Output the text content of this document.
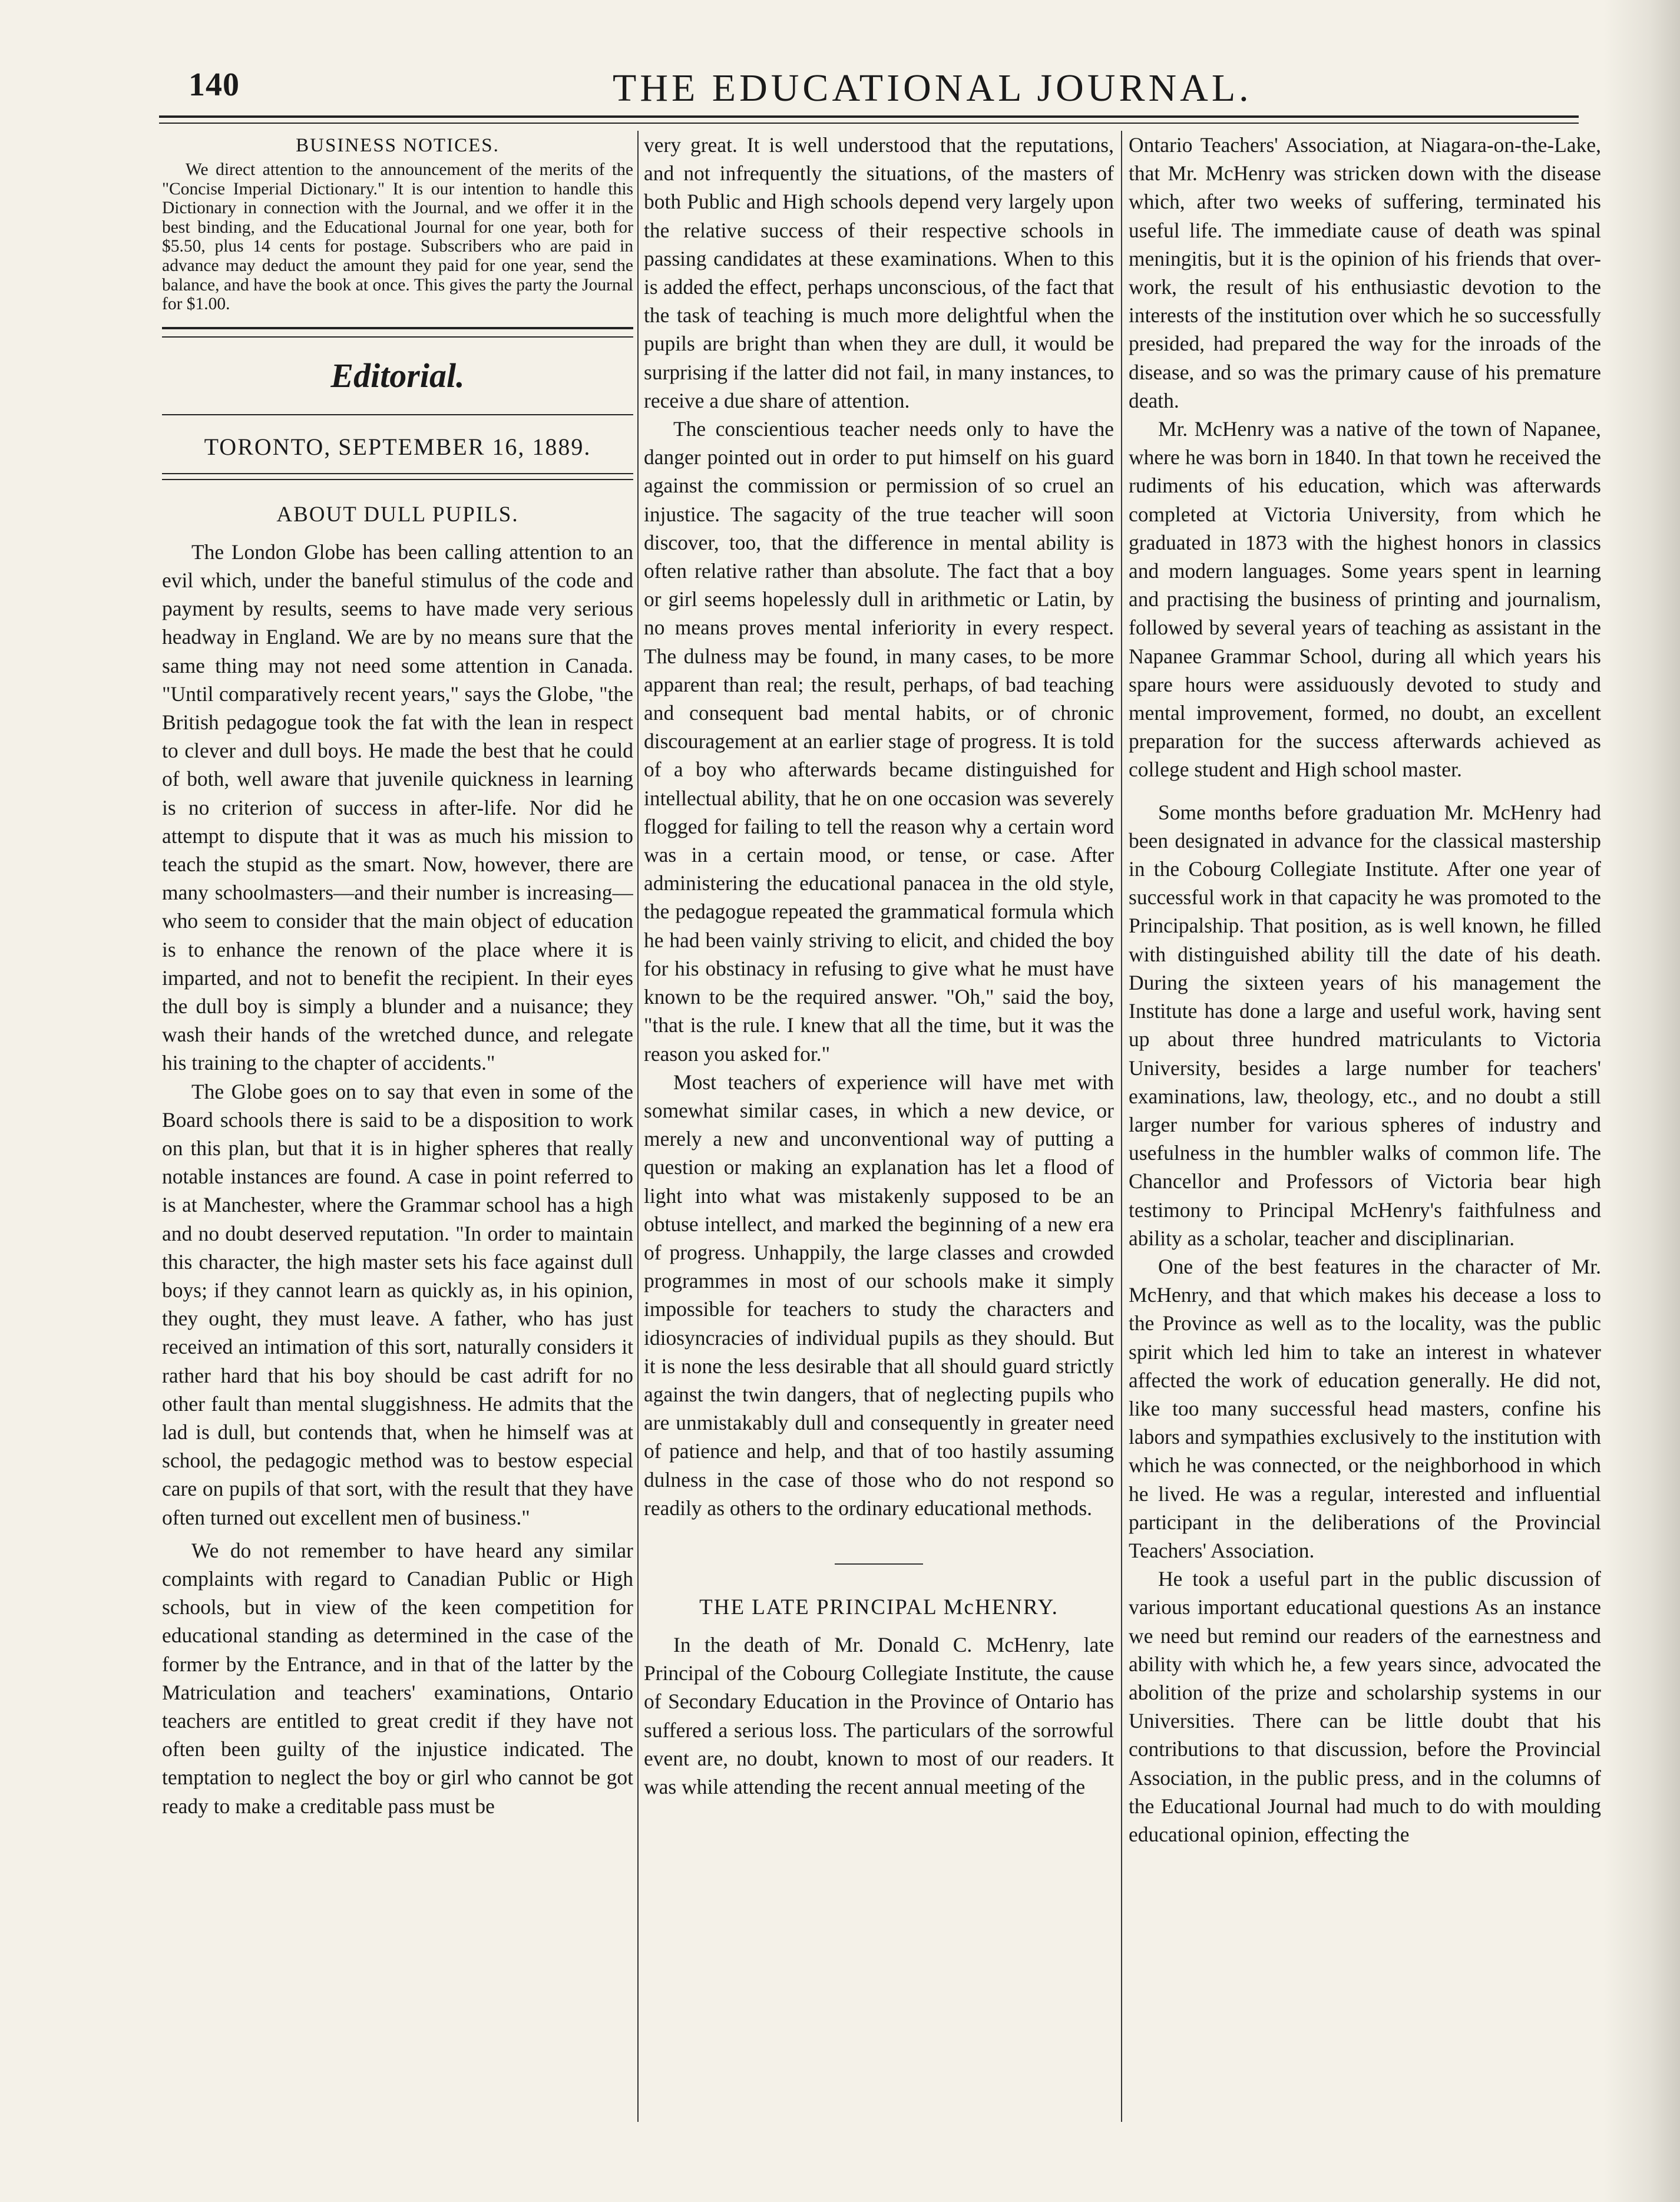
140	THE EDUCATIONAL JOURNAL.

BUSINESS NOTICES.

We direct attention to the announcement of the merits of the "Concise Imperial Dictionary." It is our intention to handle this Dictionary in connection with the Journal, and we offer it in the best binding, and the Educational Journal for one year, both for $5.50, plus 14 cents for postage. Subscribers who are paid in advance may deduct the amount they paid for one year, send the balance, and have the book at once. This gives the party the Journal for $1.00.

Editorial.

TORONTO, SEPTEMBER 16, 1889.

ABOUT DULL PUPILS.

The London Globe has been calling attention to an evil which, under the baneful stimulus of the code and payment by results, seems to have made very serious headway in England. We are by no means sure that the same thing may not need some attention in Canada. "Until comparatively recent years," says the Globe, "the British pedagogue took the fat with the lean in respect to clever and dull boys. He made the best that he could of both, well aware that juvenile quickness in learning is no criterion of success in after-life. Nor did he attempt to dispute that it was as much his mission to teach the stupid as the smart. Now, however, there are many schoolmasters—and their number is increasing—who seem to consider that the main object of education is to enhance the renown of the place where it is imparted, and not to benefit the recipient. In their eyes the dull boy is simply a blunder and a nuisance; they wash their hands of the wretched dunce, and relegate his training to the chapter of accidents."

The Globe goes on to say that even in some of the Board schools there is said to be a disposition to work on this plan, but that it is in higher spheres that really notable instances are found. A case in point referred to is at Manchester, where the Grammar school has a high and no doubt deserved reputation. "In order to maintain this character, the high master sets his face against dull boys; if they cannot learn as quickly as, in his opinion, they ought, they must leave. A father, who has just received an intimation of this sort, naturally considers it rather hard that his boy should be cast adrift for no other fault than mental sluggishness. He admits that the lad is dull, but contends that, when he himself was at school, the pedagogic method was to bestow especial care on pupils of that sort, with the result that they have often turned out excellent men of business."

We do not remember to have heard any similar complaints with regard to Canadian Public or High schools, but in view of the keen competition for educational standing as determined in the case of the former by the Entrance, and in that of the latter by the Matriculation and teachers' examinations, Ontario teachers are entitled to great credit if they have not often been guilty of the injustice indicated. The temptation to neglect the boy or girl who cannot be got ready to make a creditable pass must be

very great. It is well understood that the reputations, and not infrequently the situations, of the masters of both Public and High schools depend very largely upon the relative success of their respective schools in passing candidates at these examinations. When to this is added the effect, perhaps unconscious, of the fact that the task of teaching is much more delightful when the pupils are bright than when they are dull, it would be surprising if the latter did not fail, in many instances, to receive a due share of attention.

The conscientious teacher needs only to have the danger pointed out in order to put himself on his guard against the commission or permission of so cruel an injustice. The sagacity of the true teacher will soon discover, too, that the difference in mental ability is often relative rather than absolute. The fact that a boy or girl seems hopelessly dull in arithmetic or Latin, by no means proves mental inferiority in every respect. The dulness may be found, in many cases, to be more apparent than real; the result, perhaps, of bad teaching and consequent bad mental habits, or of chronic discouragement at an earlier stage of progress. It is told of a boy who afterwards became distinguished for intellectual ability, that he on one occasion was severely flogged for failing to tell the reason why a certain word was in a certain mood, or tense, or case. After administering the educational panacea in the old style, the pedagogue repeated the grammatical formula which he had been vainly striving to elicit, and chided the boy for his obstinacy in refusing to give what he must have known to be the required answer. "Oh," said the boy, "that is the rule. I knew that all the time, but it was the reason you asked for."

Most teachers of experience will have met with somewhat similar cases, in which a new device, or merely a new and unconventional way of putting a question or making an explanation has let a flood of light into what was mistakenly supposed to be an obtuse intellect, and marked the beginning of a new era of progress. Unhappily, the large classes and crowded programmes in most of our schools make it simply impossible for teachers to study the characters and idiosyncracies of individual pupils as they should. But it is none the less desirable that all should guard strictly against the twin dangers, that of neglecting pupils who are unmistakably dull and consequently in greater need of patience and help, and that of too hastily assuming dulness in the case of those who do not respond so readily as others to the ordinary educational methods.

THE LATE PRINCIPAL McHENRY.

In the death of Mr. Donald C. McHenry, late Principal of the Cobourg Collegiate Institute, the cause of Secondary Education in the Province of Ontario has suffered a serious loss. The particulars of the sorrowful event are, no doubt, known to most of our readers. It was while attending the recent annual meeting of the

Ontario Teachers' Association, at Niagara-on-the-Lake, that Mr. McHenry was stricken down with the disease which, after two weeks of suffering, terminated his useful life. The immediate cause of death was spinal meningitis, but it is the opinion of his friends that over-work, the result of his enthusiastic devotion to the interests of the institution over which he so successfully presided, had prepared the way for the inroads of the disease, and so was the primary cause of his premature death.

Mr. McHenry was a native of the town of Napanee, where he was born in 1840. In that town he received the rudiments of his education, which was afterwards completed at Victoria University, from which he graduated in 1873 with the highest honors in classics and modern languages. Some years spent in learning and practising the business of printing and journalism, followed by several years of teaching as assistant in the Napanee Grammar School, during all which years his spare hours were assiduously devoted to study and mental improvement, formed, no doubt, an excellent preparation for the success afterwards achieved as college student and High school master.

Some months before graduation Mr. McHenry had been designated in advance for the classical mastership in the Cobourg Collegiate Institute. After one year of successful work in that capacity he was promoted to the Principalship. That position, as is well known, he filled with distinguished ability till the date of his death. During the sixteen years of his management the Institute has done a large and useful work, having sent up about three hundred matriculants to Victoria University, besides a large number for teachers' examinations, law, theology, etc., and no doubt a still larger number for various spheres of industry and usefulness in the humbler walks of common life. The Chancellor and Professors of Victoria bear high testimony to Principal McHenry's faithfulness and ability as a scholar, teacher and disciplinarian.

One of the best features in the character of Mr. McHenry, and that which makes his decease a loss to the Province as well as to the locality, was the public spirit which led him to take an interest in whatever affected the work of education generally. He did not, like too many successful head masters, confine his labors and sympathies exclusively to the institution with which he was connected, or the neighborhood in which he lived. He was a regular, interested and influential participant in the deliberations of the Provincial Teachers' Association.

He took a useful part in the public discussion of various important educational questions As an instance we need but remind our readers of the earnestness and ability with which he, a few years since, advocated the abolition of the prize and scholarship systems in our Universities. There can be little doubt that his contributions to that discussion, before the Provincial Association, in the public press, and in the columns of the Educational Journal had much to do with moulding educational opinion, effecting the
